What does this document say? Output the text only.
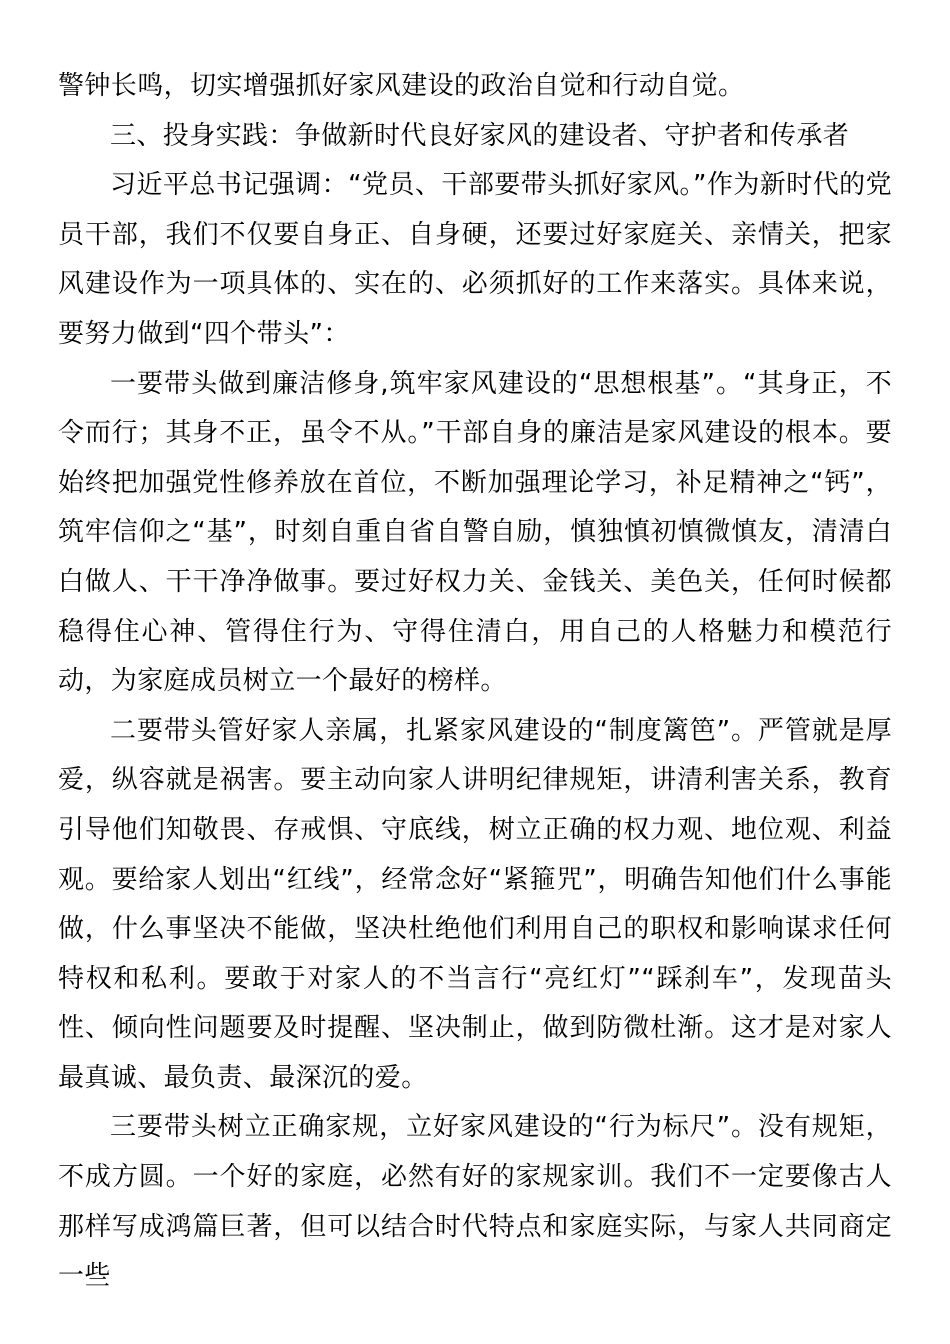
警钟长鸣，切实增强抓好家风建设的政治自觉和行动自觉。

三、投身实践：争做新时代良好家风的建设者、守护者和传承者

习近平总书记强调：“党员、干部要带头抓好家风。”作为新时代的党员干部，我们不仅要自身正、自身硬，还要过好家庭关、亲情关，把家风建设作为一项具体的、实在的、必须抓好的工作来落实。具体来说，要努力做到“四个带头”：

一要带头做到廉洁修身,筑牢家风建设的“思想根基”。“其身正，不令而行；其身不正，虽令不从。”干部自身的廉洁是家风建设的根本。要始终把加强党性修养放在首位，不断加强理论学习，补足精神之“钙”，筑牢信仰之“基”，时刻自重自省自警自励，慎独慎初慎微慎友，清清白白做人、干干净净做事。要过好权力关、金钱关、美色关，任何时候都稳得住心神、管得住行为、守得住清白，用自己的人格魅力和模范行动，为家庭成员树立一个最好的榜样。

二要带头管好家人亲属，扎紧家风建设的“制度篱笆”。严管就是厚爱，纵容就是祸害。要主动向家人讲明纪律规矩，讲清利害关系，教育引导他们知敬畏、存戒惧、守底线，树立正确的权力观、地位观、利益观。要给家人划出“红线”，经常念好“紧箍咒”，明确告知他们什么事能做，什么事坚决不能做，坚决杜绝他们利用自己的职权和影响谋求任何特权和私利。要敢于对家人的不当言行“亮红灯”“踩刹车”，发现苗头性、倾向性问题要及时提醒、坚决制止，做到防微杜渐。这才是对家人最真诚、最负责、最深沉的爱。

三要带头树立正确家规，立好家风建设的“行为标尺”。没有规矩，不成方圆。一个好的家庭，必然有好的家规家训。我们不一定要像古人那样写成鸿篇巨著，但可以结合时代特点和家庭实际，与家人共同商定一些
